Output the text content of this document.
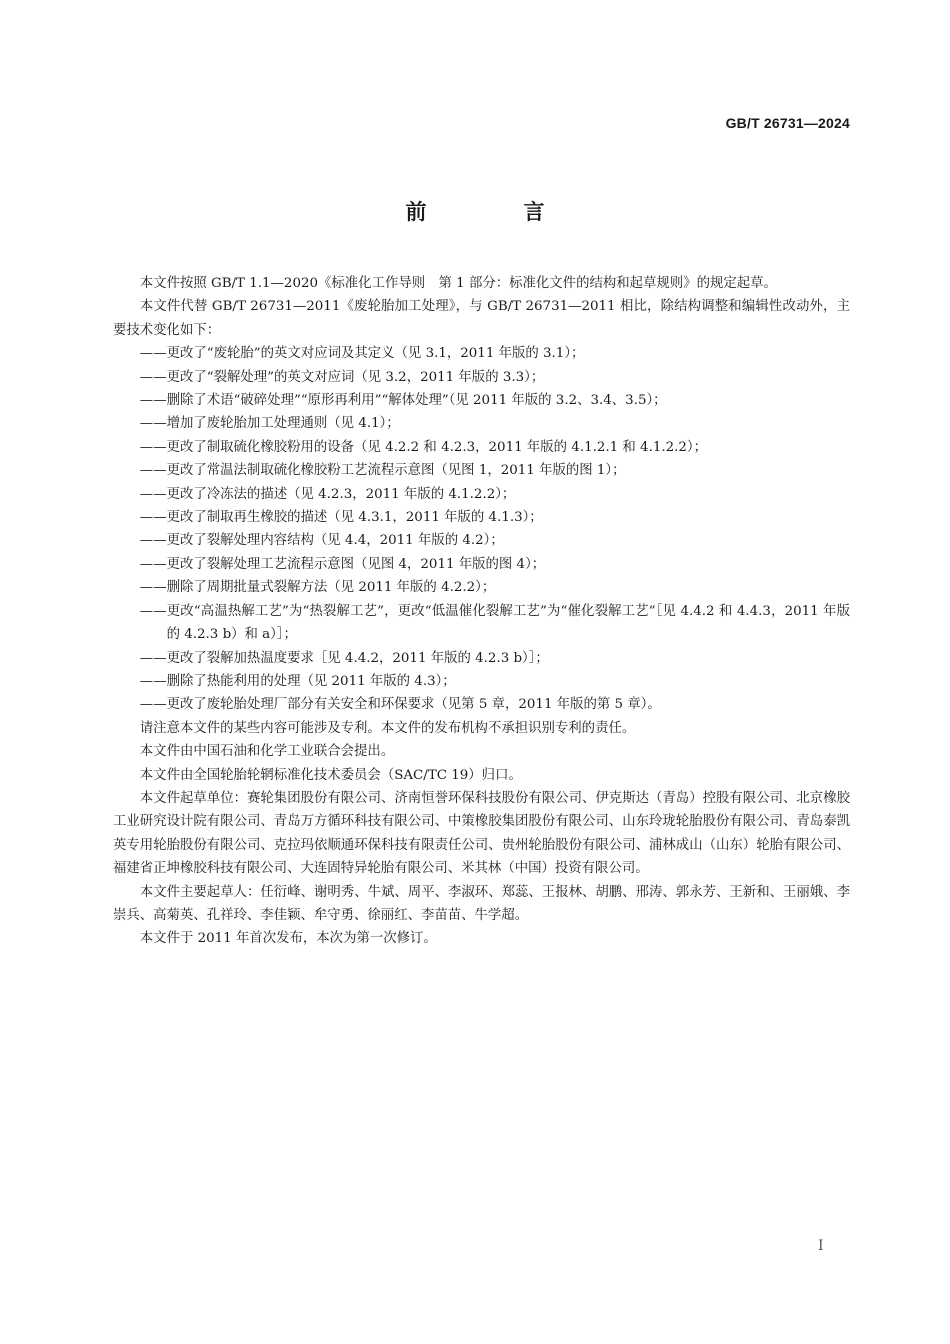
GB/T 26731—2024
前　言

本文件按照 GB/T 1.1—2020《标准化工作导则　第 1 部分：标准化文件的结构和起草规则》的规定起草。

本文件代替 GB/T 26731—2011《废轮胎加工处理》，与 GB/T 26731—2011 相比，除结构调整和编辑性改动外，主要技术变化如下：

——更改了“废轮胎”的英文对应词及其定义（见 3.1，2011 年版的 3.1）；
——更改了“裂解处理”的英文对应词（见 3.2，2011 年版的 3.3）；
——删除了术语“破碎处理”“原形再利用”“解体处理”（见 2011 年版的 3.2、3.4、3.5）；
——增加了废轮胎加工处理通则（见 4.1）；
——更改了制取硫化橡胶粉用的设备（见 4.2.2 和 4.2.3，2011 年版的 4.1.2.1 和 4.1.2.2）；
——更改了常温法制取硫化橡胶粉工艺流程示意图（见图 1，2011 年版的图 1）；
——更改了冷冻法的描述（见 4.2.3，2011 年版的 4.1.2.2）；
——更改了制取再生橡胶的描述（见 4.3.1，2011 年版的 4.1.3）；
——更改了裂解处理内容结构（见 4.4，2011 年版的 4.2）；
——更改了裂解处理工艺流程示意图（见图 4，2011 年版的图 4）；
——删除了周期批量式裂解方法（见 2011 年版的 4.2.2）；
——更改“高温热解工艺”为“热裂解工艺”，更改“低温催化裂解工艺”为“催化裂解工艺”［见 4.4.2 和 4.4.3，2011 年版的 4.2.3 b）和 a）］；
——更改了裂解加热温度要求［见 4.4.2，2011 年版的 4.2.3 b）］；
——删除了热能利用的处理（见 2011 年版的 4.3）；
——更改了废轮胎处理厂部分有关安全和环保要求（见第 5 章，2011 年版的第 5 章）。

请注意本文件的某些内容可能涉及专利。本文件的发布机构不承担识别专利的责任。

本文件由中国石油和化学工业联合会提出。

本文件由全国轮胎轮辋标准化技术委员会（SAC/TC 19）归口。

本文件起草单位：赛轮集团股份有限公司、济南恒誉环保科技股份有限公司、伊克斯达（青岛）控股有限公司、北京橡胶工业研究设计院有限公司、青岛万方循环科技有限公司、中策橡胶集团股份有限公司、山东玲珑轮胎股份有限公司、青岛泰凯英专用轮胎股份有限公司、克拉玛依顺通环保科技有限责任公司、贵州轮胎股份有限公司、浦林成山（山东）轮胎有限公司、福建省正坤橡胶科技有限公司、大连固特异轮胎有限公司、米其林（中国）投资有限公司。

本文件主要起草人：任衍峰、谢明秀、牛斌、周平、李淑环、郑蕊、王报林、胡鹏、邢涛、郭永芳、王新和、王丽娥、李崇兵、高菊英、孔祥玲、李佳颖、牟守勇、徐丽红、李苗苗、牛学超。

本文件于 2011 年首次发布，本次为第一次修订。

I
